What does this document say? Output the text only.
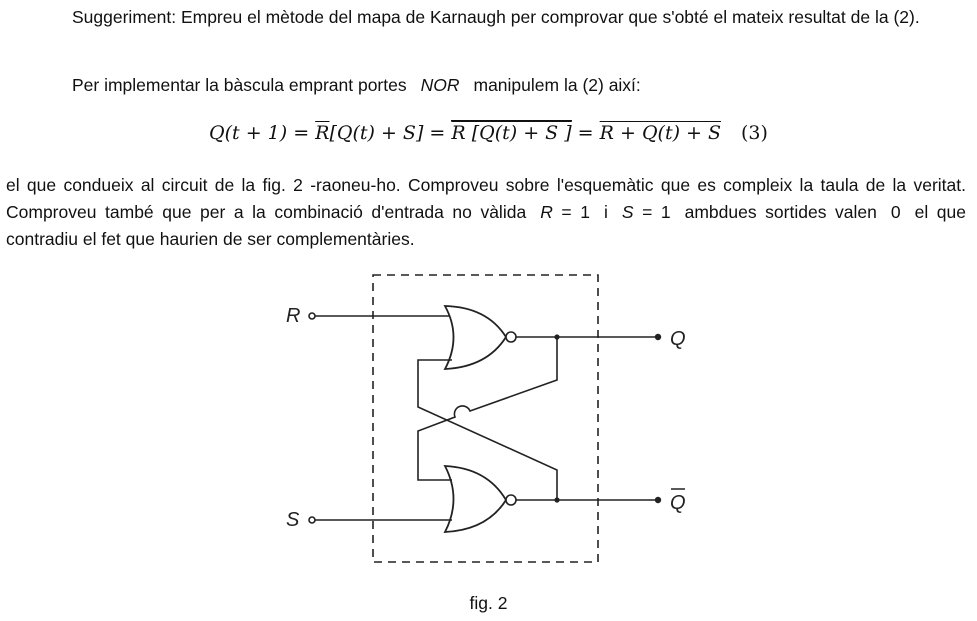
Suggeriment: Empreu el mètode del mapa de Karnaugh per comprovar que s'obté el mateix resultat de la (2).
Per implementar la bàscula emprant portes NOR manipulem la (2) així:
$Q(t + 1) = \overline{R}[Q(t) + S] = R$ [Q(t) + S ] = R + Q(t) + S (3)
el que condueix al circuit de la fig. 2 -raoneu-ho. Comproveu sobre l'esquemàtic que es compleix la taula de la veritat. Comproveu també que per a la combinació d'entrada no vàlida R = 1 i S = 1 ambdues sortides valen 0 el que contradiu el fet que haurien de ser complementàries.
R
Q
Q
S
fig. 2
